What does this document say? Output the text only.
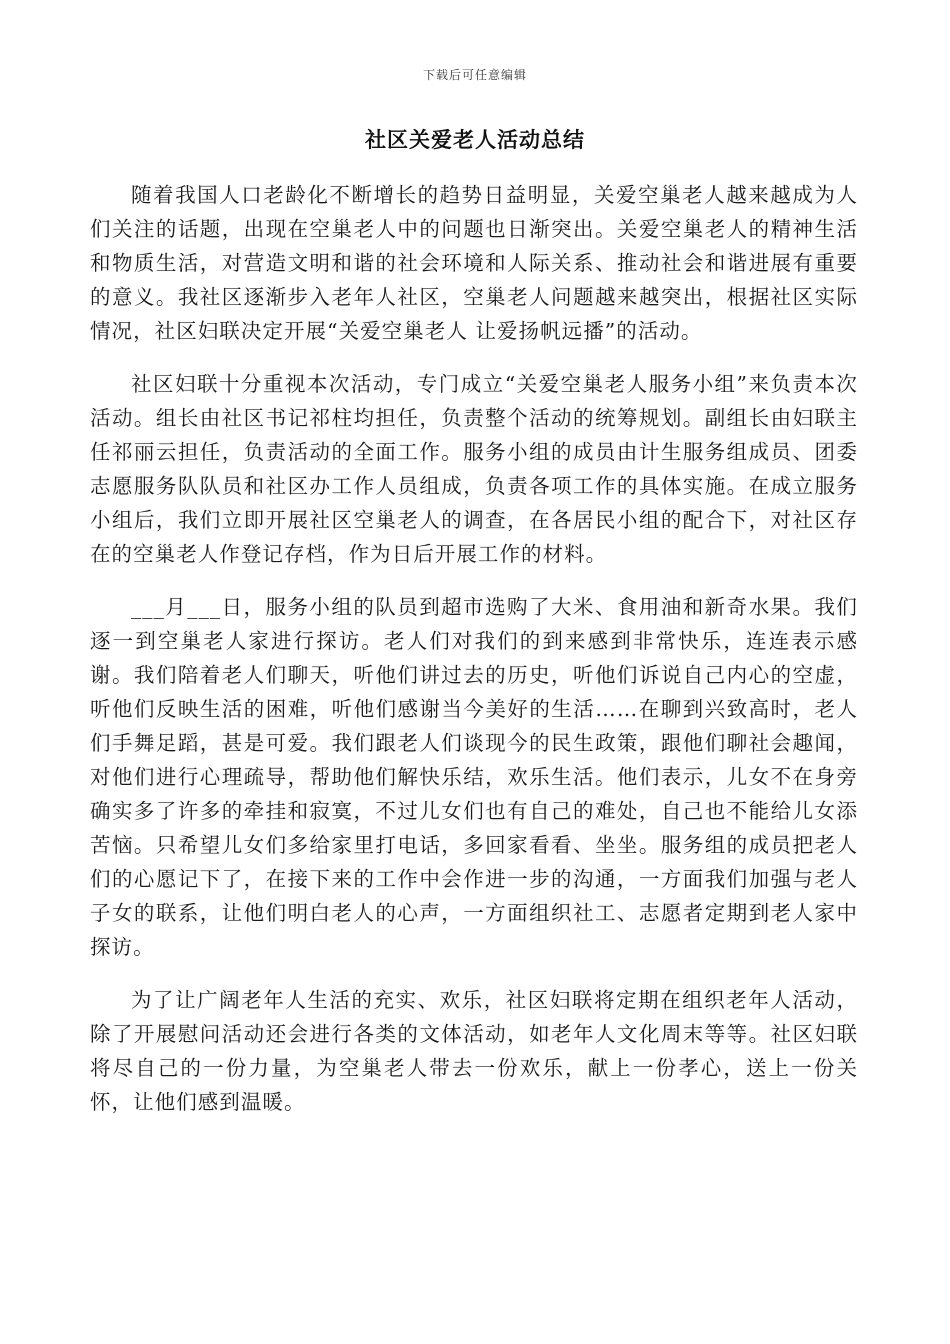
下载后可任意编辑
社区关爱老人活动总结

随着我国人口老龄化不断增长的趋势日益明显，关爱空巢老人越来越成为人们关注的话题，出现在空巢老人中的问题也日渐突出。关爱空巢老人的精神生活和物质生活，对营造文明和谐的社会环境和人际关系、推动社会和谐进展有重要的意义。我社区逐渐步入老年人社区，空巢老人问题越来越突出，根据社区实际情况，社区妇联决定开展“关爱空巢老人 让爱扬帆远播”的活动。

社区妇联十分重视本次活动，专门成立“关爱空巢老人服务小组”来负责本次活动。组长由社区书记祁柱均担任，负责整个活动的统筹规划。副组长由妇联主任祁丽云担任，负责活动的全面工作。服务小组的成员由计生服务组成员、团委志愿服务队队员和社区办工作人员组成，负责各项工作的具体实施。在成立服务小组后，我们立即开展社区空巢老人的调查，在各居民小组的配合下，对社区存在的空巢老人作登记存档，作为日后开展工作的材料。

___月___日，服务小组的队员到超市选购了大米、食用油和新奇水果。我们逐一到空巢老人家进行探访。老人们对我们的到来感到非常快乐，连连表示感谢。我们陪着老人们聊天，听他们讲过去的历史，听他们诉说自己内心的空虚，听他们反映生活的困难，听他们感谢当今美好的生活……在聊到兴致高时，老人们手舞足蹈，甚是可爱。我们跟老人们谈现今的民生政策，跟他们聊社会趣闻，对他们进行心理疏导，帮助他们解快乐结，欢乐生活。他们表示，儿女不在身旁确实多了许多的牵挂和寂寞，不过儿女们也有自己的难处，自己也不能给儿女添苦恼。只希望儿女们多给家里打电话，多回家看看、坐坐。服务组的成员把老人们的心愿记下了，在接下来的工作中会作进一步的沟通，一方面我们加强与老人子女的联系，让他们明白老人的心声，一方面组织社工、志愿者定期到老人家中探访。

为了让广阔老年人生活的充实、欢乐，社区妇联将定期在组织老年人活动，除了开展慰问活动还会进行各类的文体活动，如老年人文化周末等等。社区妇联将尽自己的一份力量，为空巢老人带去一份欢乐，献上一份孝心，送上一份关怀，让他们感到温暖。
